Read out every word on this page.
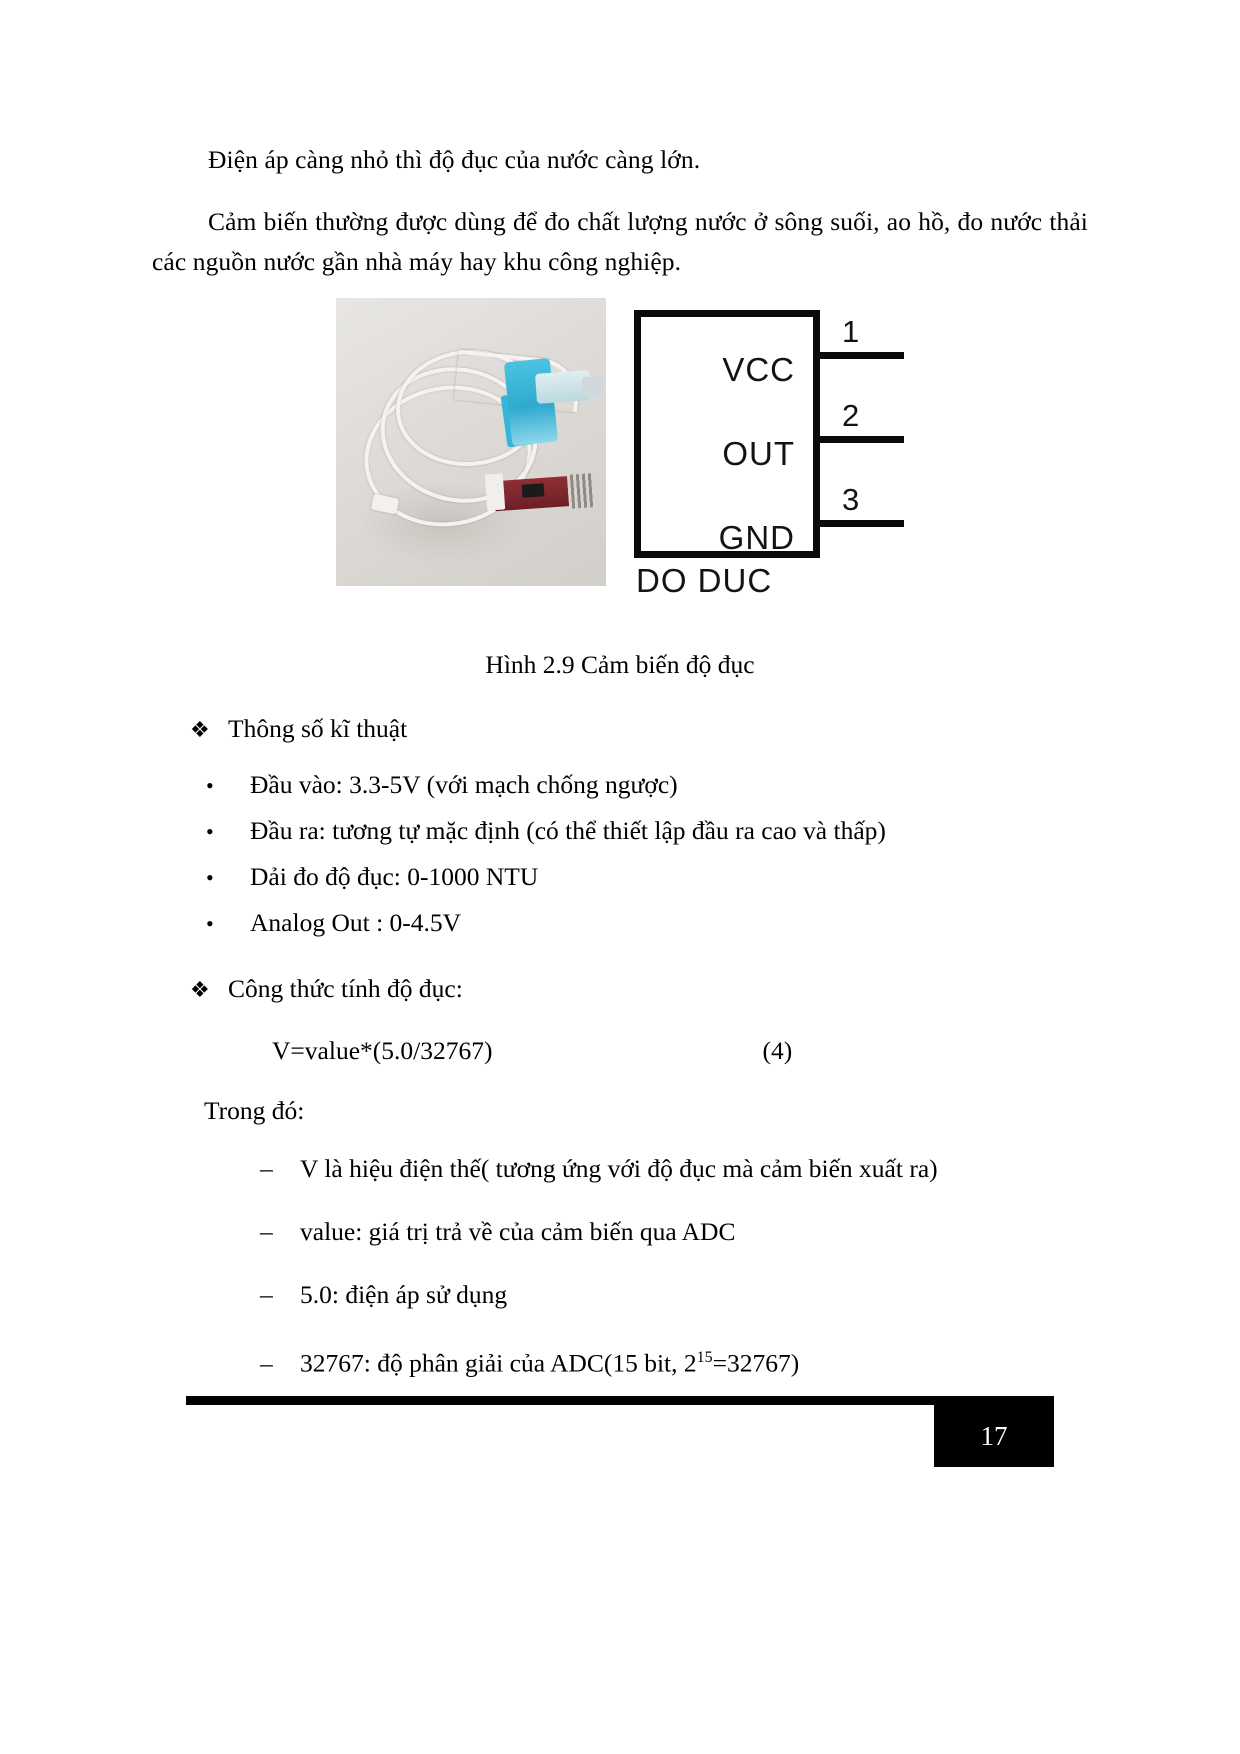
Điện áp càng nhỏ thì độ đục của nước càng lớn.

Cảm biến thường được dùng để đo chất lượng nước ở sông suối, ao hồ, đo nước thải các nguồn nước gần nhà máy hay khu công nghiệp.

VCC
OUT
GND
1
2
3
DO DUC

Hình 2.9 Cảm biến độ đục

❖ Thông số kĩ thuật
•	Đầu vào: 3.3-5V (với mạch chống ngược)
•	Đầu ra: tương tự mặc định (có thể thiết lập đầu ra cao và thấp)
•	Dải đo độ đục: 0-1000 NTU
•	Analog Out : 0-4.5V
❖ Công thức tính độ đục:
V=value*(5.0/32767)	(4)
Trong đó:
–	V là hiệu điện thế( tương ứng với độ đục mà cảm biến xuất ra)
–	value: giá trị trả về của cảm biến qua ADC
–	5.0: điện áp sử dụng
–	32767: độ phân giải của ADC(15 bit, $2^{15}=32767$)
17
